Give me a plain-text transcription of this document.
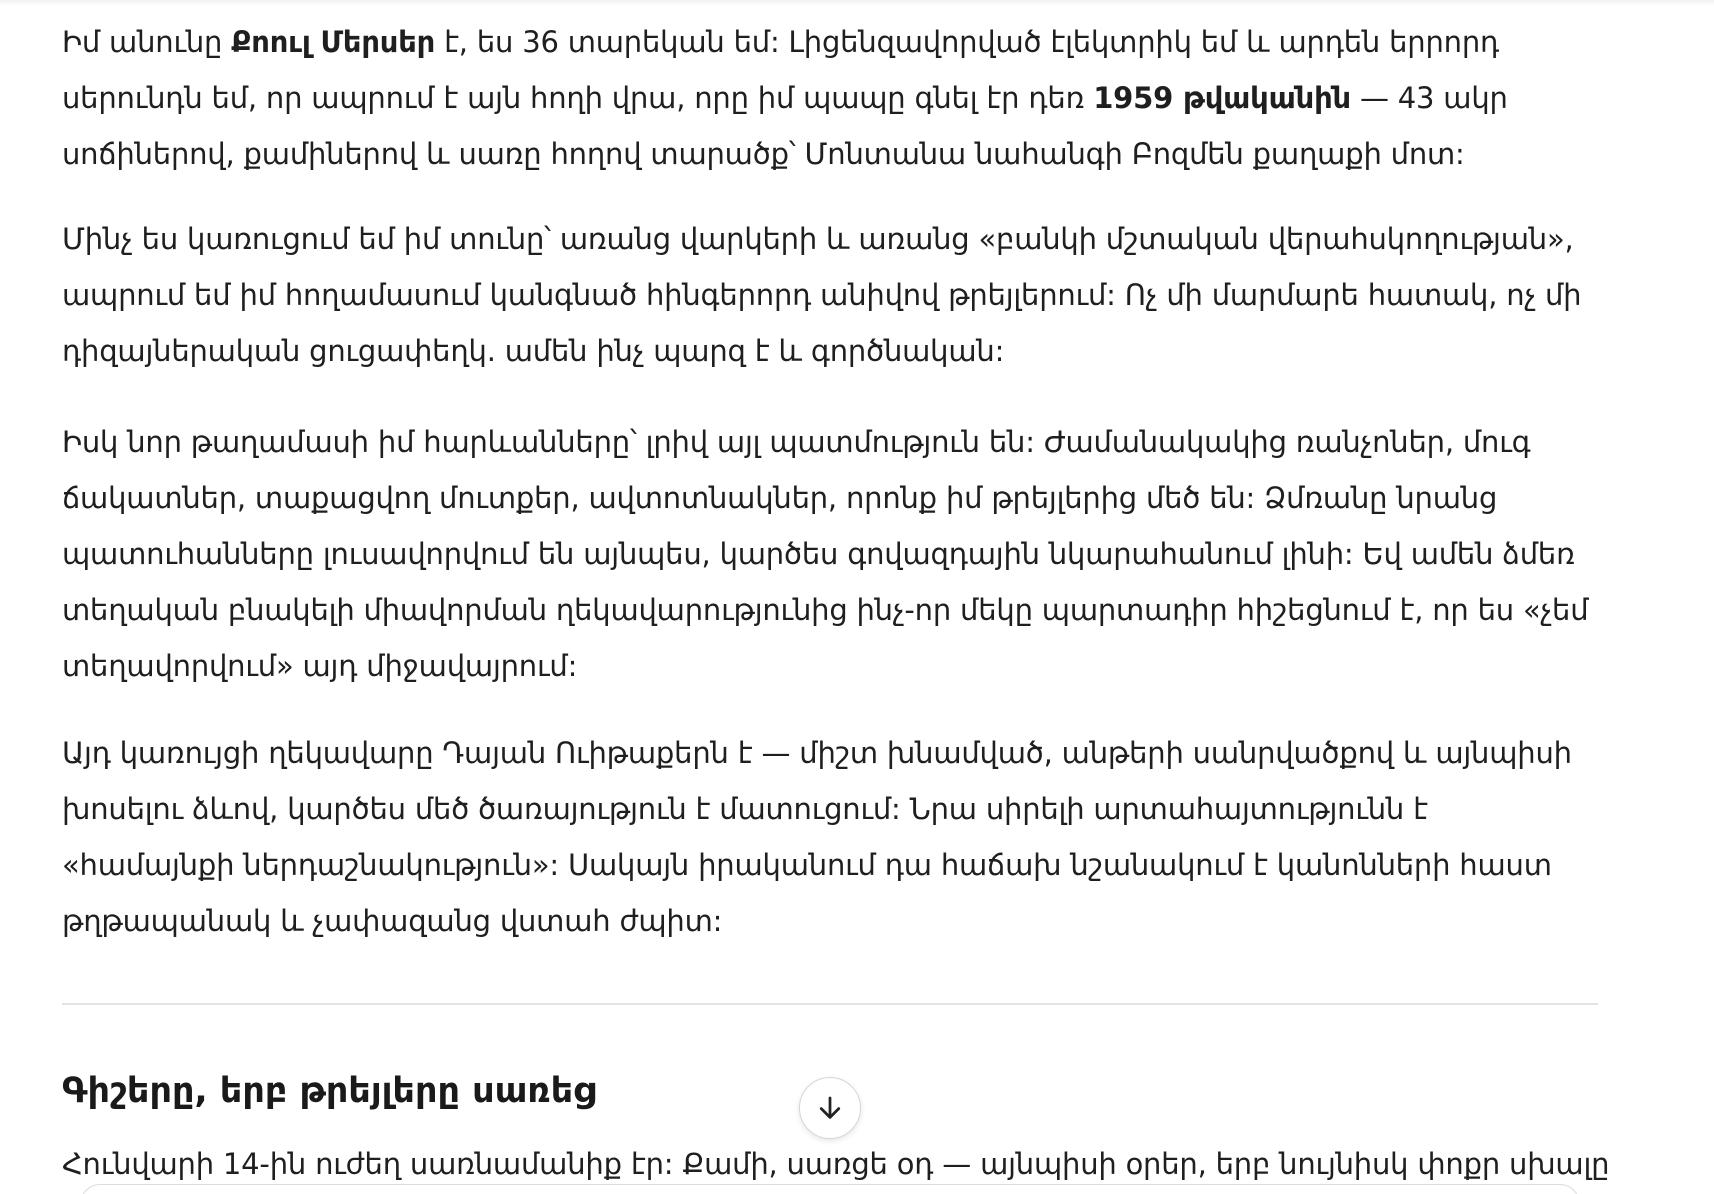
Իմ անունը Քոուլ Մերսեր է, ես 36 տարեկան եմ: Լիցենզավորված էլեկտրիկ եմ և արդեն երրորդ
սերունդն եմ, որ ապրում է այն հողի վրա, որը իմ պապը գնել էր դեռ 1959 թվականին — 43 ակր
սոճիներով, քամիներով և սառը հողով տարածք՝ Մոնտանա նահանգի Բոզմեն քաղաքի մոտ:

Մինչ ես կառուցում եմ իմ տունը՝ առանց վարկերի և առանց «բանկի մշտական վերահսկողության»,
ապրում եմ իմ հողամասում կանգնած հինգերորդ անիվով թրեյլերում: Ոչ մի մարմարե հատակ, ոչ մի
դիզայներական ցուցափեղկ. ամեն ինչ պարզ է և գործնական:

Իսկ նոր թաղամասի իմ հարևանները՝ լրիվ այլ պատմություն են: Ժամանակակից ռանչոներ, մուգ
ճակատներ, տաքացվող մուտքեր, ավտոտնակներ, որոնք իմ թրեյլերից մեծ են: Ձմռանը նրանց
պատուհանները լուսավորվում են այնպես, կարծես գովազդային նկարահանում լինի: Եվ ամեն ձմեռ
տեղական բնակելի միավորման ղեկավարությունից ինչ-որ մեկը պարտադիր հիշեցնում է, որ ես «չեմ
տեղավորվում» այդ միջավայրում:

Այդ կառույցի ղեկավարը Դայան Ուիթաքերն է — միշտ խնամված, անթերի սանրվածքով և այնպիսի
խոսելու ձևով, կարծես մեծ ծառայություն է մատուցում: Նրա սիրելի արտահայտությունն է
«համայնքի ներդաշնակություն»: Սակայն իրականում դա հաճախ նշանակում է կանոնների հաստ
թղթապանակ և չափազանց վստահ ժպիտ:

Գիշերը, երբ թրեյլերը սառեց

Հունվարի 14-ին ուժեղ սառնամանիք էր: Քամի, սառցե օդ — այնպիսի օրեր, երբ նույնիսկ փոքր սխալը
